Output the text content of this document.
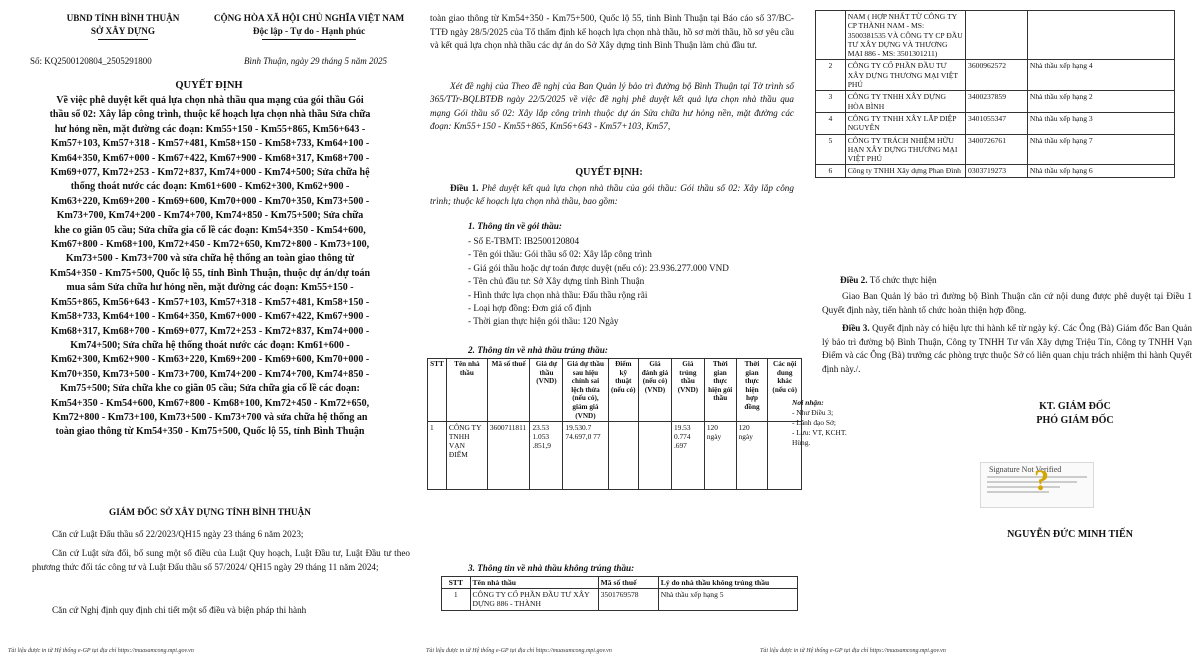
UBND TỈNH BÌNH THUẬN
SỞ XÂY DỰNG
CỘNG HÒA XÃ HỘI CHỦ NGHĨA VIỆT NAM
Độc lập - Tự do - Hạnh phúc
Số: KQ2500120804_2505291800	Bình Thuận, ngày 29 tháng 5 năm 2025
QUYẾT ĐỊNH
Về việc phê duyệt kết quả lựa chọn nhà thầu qua mạng của gói thầu Gói
thầu số 02: Xây lắp công trình, thuộc kế hoạch lựa chọn nhà thầu Sửa chữa
hư hỏng nền, mặt đường các đoạn: Km55+150 - Km55+865, Km56+643 -
Km57+103, Km57+318 - Km57+481, Km58+150 - Km58+733, Km64+100 -
Km64+350, Km67+000 - Km67+422, Km67+900 - Km68+317, Km68+700 -
Km69+077, Km72+253 - Km72+837, Km74+000 - Km74+500; Sửa chữa hệ
thống thoát nước các đoạn: Km61+600 - Km62+300, Km62+900 -
Km63+220, Km69+200 - Km69+600, Km70+000 - Km70+350, Km73+500 -
Km73+700, Km74+200 - Km74+700, Km74+850 - Km75+500; Sửa chữa
khe co giãn 05 cầu; Sửa chữa gia cố lề các đoạn: Km54+350 - Km54+600,
Km67+800 - Km68+100, Km72+450 - Km72+650, Km72+800 - Km73+100,
Km73+500 - Km73+700 và sửa chữa hệ thống an toàn giao thông từ
Km54+350 - Km75+500, Quốc lộ 55, tỉnh Bình Thuận, thuộc dự án/dự toán
mua sắm Sửa chữa hư hỏng nền, mặt đường các đoạn: Km55+150 -
Km55+865, Km56+643 - Km57+103, Km57+318 - Km57+481, Km58+150 -
Km58+733, Km64+100 - Km64+350, Km67+000 - Km67+422, Km67+900 -
Km68+317, Km68+700 - Km69+077, Km72+253 - Km72+837, Km74+000 -
Km74+500; Sửa chữa hệ thống thoát nước các đoạn: Km61+600 -
Km62+300, Km62+900 - Km63+220, Km69+200 - Km69+600, Km70+000 -
Km70+350, Km73+500 - Km73+700, Km74+200 - Km74+700, Km74+850 -
Km75+500; Sửa chữa khe co giãn 05 cầu; Sửa chữa gia cố lề các đoạn:
Km54+350 - Km54+600, Km67+800 - Km68+100, Km72+450 - Km72+650,
Km72+800 - Km73+100, Km73+500 - Km73+700 và sửa chữa hệ thống an
toàn giao thông từ Km54+350 - Km75+500, Quốc lộ 55, tỉnh Bình Thuận
GIÁM ĐỐC SỞ XÂY DỰNG TỈNH BÌNH THUẬN
Căn cứ Luật Đấu thầu số 22/2023/QH15 ngày 23 tháng 6 năm 2023;
Căn cứ Luật sửa đổi, bổ sung một số điều của Luật Quy hoạch, Luật Đầu tư, Luật Đầu tư theo phương thức đối tác công tư và Luật Đấu thầu số 57/2024/ QH15 ngày 29 tháng 11 năm 2024;
Căn cứ Nghị định quy định chi tiết một số điều và biện pháp thi hành
Tài liệu được in từ Hệ thống e-GP tại địa chỉ https://muasamcong.mpi.gov.vn
toàn giao thông từ Km54+350 - Km75+500, Quốc lộ 55, tỉnh Bình Thuận tại Báo cáo số 37/BC-TTĐ ngày 28/5/2025 của Tổ thẩm định kế hoạch lựa chọn nhà thầu, hồ sơ mời thầu, hồ sơ yêu cầu và kết quả lựa chọn nhà thầu các dự án do Sở Xây dựng tỉnh Bình Thuận làm chủ đầu tư.
Xét đề nghị của Theo đề nghị của Ban Quản lý bảo trì đường bộ Bình Thuận tại Tờ trình số 365/TTr-BQLBTĐB ngày 22/5/2025 về việc đề nghị phê duyệt kết quả lựa chọn nhà thầu qua mạng Gói thầu số 02: Xây lắp công trình thuộc dự án Sửa chữa hư hỏng nền, mặt đường các đoạn: Km55+150 - Km55+865, Km56+643 - Km57+103, Km57,
QUYẾT ĐỊNH:
Điều 1. Phê duyệt kết quả lựa chọn nhà thầu của gói thầu: Gói thầu số 02: Xây lắp công trình; thuộc kế hoạch lựa chọn nhà thầu, bao gồm:
1. Thông tin về gói thầu:
- Số E-TBMT: IB2500120804
- Tên gói thầu: Gói thầu số 02: Xây lắp công trình
- Giá gói thầu hoặc dự toán được duyệt (nếu có): 23.936.277.000 VND
- Tên chủ đầu tư: Sở Xây dựng tỉnh Bình Thuận
- Hình thức lựa chọn nhà thầu: Đấu thầu rộng rãi
- Loại hợp đồng: Đơn giá cố định
- Thời gian thực hiện gói thầu: 120 Ngày
2. Thông tin về nhà thầu trúng thầu:
STT	Tên nhà thầu	Mã số thuế	Giá dự thầu (VND)	Giá dự thầu sau hiệu chỉnh sai lệch thừa (nếu có), giảm giá (VND)	Điểm kỹ thuật (nếu có)	Giá đánh giá (nếu có) (VND)	Giá trúng thầu (VND)	Thời gian thực hiện gói thầu	Thời gian thực hiện hợp đồng	Các nội dung khác (nếu có)
1	CÔNG TY TNHH VẠN ĐIỂM	3600711811	23.53 1.053 .851,9	19.530.7 74.697,0 77			19.53 0.774 .697	120 ngày	120 ngày	
3. Thông tin về nhà thầu không trúng thầu:
STT	Tên nhà thầu	Mã số thuế	Lý do nhà thầu không trúng thầu
1	CÔNG TY CỔ PHẦN ĐẦU TƯ XÂY DỰNG 886 - THÀNH	3501769578	Nhà thầu xếp hạng 5
Tài liệu được in từ Hệ thống e-GP tại địa chỉ https://muasamcong.mpi.gov.vn
	NAM ( HỢP NHẤT TỪ CÔNG TY CP THÀNH NAM - MS: 3500381535 VÀ CÔNG TY CP ĐẦU TƯ XÂY DỰNG VÀ THƯƠNG MẠI 886 - MS: 3501301211)		
2	CÔNG TY CỔ PHẦN ĐẦU TƯ XÂY DỰNG THƯƠNG MẠI VIỆT PHÚ	3600962572	Nhà thầu xếp hạng 4
3	CÔNG TY TNHH XÂY DỰNG HÒA BÌNH	3400237859	Nhà thầu xếp hạng 2
4	CÔNG TY TNHH XÂY LẮP DIỆP NGUYÊN	3401055347	Nhà thầu xếp hạng 3
5	CÔNG TY TRÁCH NHIỆM HỮU HẠN XÂY DỰNG THƯƠNG MẠI VIỆT PHÚ	3400726761	Nhà thầu xếp hạng 7
6	Công ty TNHH Xây dựng Phan Đình	0303719273	Nhà thầu xếp hạng 6
Điều 2. Tổ chức thực hiện
Giao Ban Quản lý bảo trì đường bộ Bình Thuận căn cứ nội dung được phê duyệt tại Điều 1 Quyết định này, tiến hành tổ chức hoàn thiện hợp đồng.
Điều 3. Quyết định này có hiệu lực thi hành kể từ ngày ký. Các Ông (Bà) Giám đốc Ban Quản lý bảo trì đường bộ Bình Thuận, Công ty TNHH Tư vấn Xây dựng Triệu Tín, Công ty TNHH Vạn Điểm và các Ông (Bà) trưởng các phòng trực thuộc Sở có liên quan chịu trách nhiệm thi hành Quyết định này./.
Nơi nhận:
- Như Điều 3;
- Lãnh đạo Sở;
- Lưu: VT, KCHT.
Hùng.
KT. GIÁM ĐỐC
PHÓ GIÁM ĐỐC
Signature Not Verified
?
NGUYỄN ĐỨC MINH TIẾN
Tài liệu được in từ Hệ thống e-GP tại địa chỉ https://muasamcong.mpi.gov.vn
